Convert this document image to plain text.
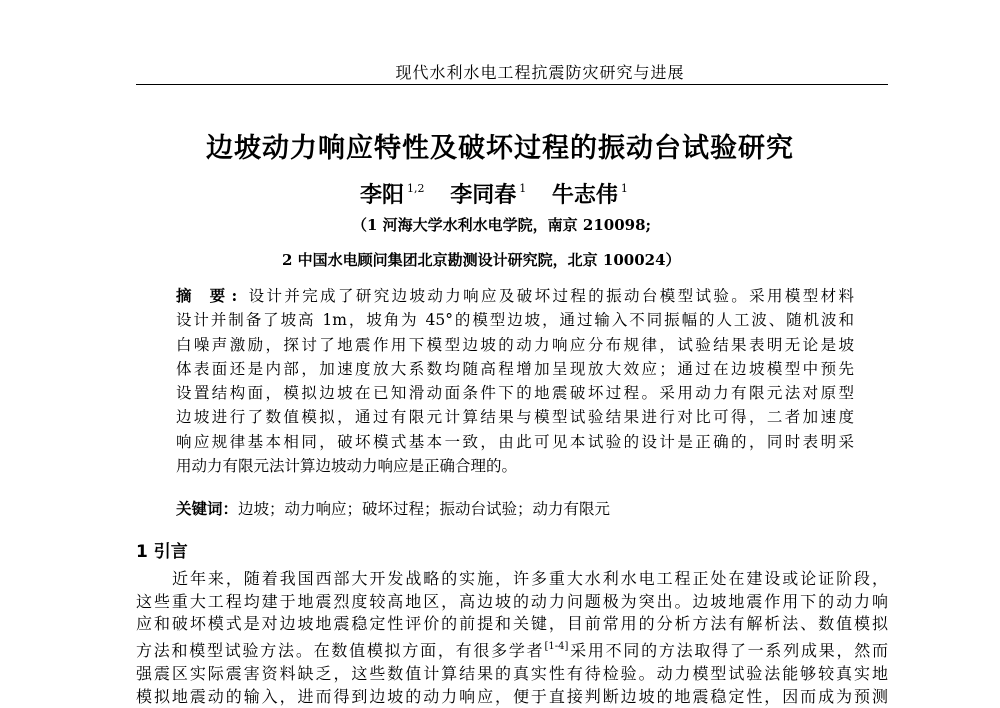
现代水利水电工程抗震防灾研究与进展
边坡动力响应特性及破坏过程的振动台试验研究
李阳 $^{1,2}$ 李同春 $^1$ 牛志伟 $^1$
（1 河海大学水利水电学院，南京 210098;
2 中国水电顾问集团北京勘测设计研究院，北京 100024）
摘 要: 设计并完成了研究边坡动力响应及破坏过程的振动台模型试验。采用模型材料
设计并制备了坡高 1m，坡角为 45°的模型边坡，通过输入不同振幅的人工波、随机波和
白噪声激励，探讨了地震作用下模型边坡的动力响应分布规律，试验结果表明无论是坡
体表面还是内部，加速度放大系数均随高程增加呈现放大效应；通过在边坡模型中预先
设置结构面，模拟边坡在已知滑动面条件下的地震破坏过程。采用动力有限元法对原型
边坡进行了数值模拟，通过有限元计算结果与模型试验结果进行对比可得，二者加速度
响应规律基本相同，破坏模式基本一致，由此可见本试验的设计是正确的，同时表明采
用动力有限元法计算边坡动力响应是正确合理的。
关键词：边坡；动力响应；破坏过程；振动台试验；动力有限元
1 引言
近年来，随着我国西部大开发战略的实施，许多重大水利水电工程正处在建设或论证阶段，
这些重大工程均建于地震烈度较高地区，高边坡的动力问题极为突出。边坡地震作用下的动力响
应和破坏模式是对边坡地震稳定性评价的前提和关键，目前常用的分析方法有解析法、数值模拟
方法和模型试验方法。在数值模拟方面，有很多学者[1-4]采用不同的方法取得了一系列成果，然而
强震区实际震害资料缺乏，这些数值计算结果的真实性有待检验。动力模型试验法能够较真实地
模拟地震动的输入，进而得到边坡的动力响应，便于直接判断边坡的地震稳定性，因而成为预测
